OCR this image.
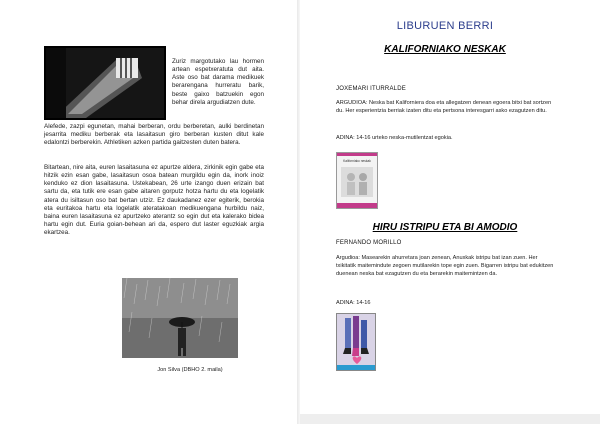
Zuriz margotutako lau hormen artean espetxeratuta dut aita. Aste oso bat darama medikuek berarengana hurreratu barik, beste gaixo batzuekin egon behar direla argudiatzen dute.
Alefede, zazpi egunetan, mahai berberan, ordu berberetan, aulki berdinetan jesarrita mediku berberak eta lasaitasun giro berberan kusten ditut kale edalontzi berberekin. Athletiken azken partida gaitzesten duten batera.
Bitartean, nire aita, euren lasaitasuna ez apurtze aldera, zirkinik egin gabe eta hitzik ezin esan gabe, lasaitasun osoa batean murgildu egin da, inork inoiz kenduko ez dion lasaitasuna. Ustekabean, 26 urte izango duen erizain bat sartu da, eta tutik ere esan gabe aitaren gorputz hotza hartu du eta logelatik atera du isiltasun oso bat bertan utziz. Ez daukadanez ezer egiterik, berokia eta euritakoa hartu eta logelatik ateratakoan medikuengana hurbildu naiz, baina euren lasaitasuna ez apurtzeko aterantz so egin dut eta kalerako bidea hartu egin dut. Euria goian-behean ari da, espero dut laster eguzkiak argia ekartzea.
Jon Silva (DBHO 2. maila)
LIBURUEN BERRI
KALIFORNIAKO NESKAK
JOXEMARI ITURRALDE
ARGUDIOA: Neska bat Kaliforniera doa eta allegatzen denean egoera bitxi bat sortzen du. Her esperientzia berriak izaten ditu eta pertsona interesgarri asko ezagutzen ditu.
ADINA: 14-16 urteko neska-mutilentzat egokia.
Kaliforniako neskak
HIRU ISTRIPU ETA BI AMODIO
FERNANDO MORILLO
Argudioa: Masearekin ahurretara joan zenean, Anuxkak istripu bat izan zuen. Her txikitatik maitemindute zegoen mutilarekin tope egin zuen. Bigarren istripu bat edukitzen duenean neska bat ezagutzen du eta berarekin maitemintzen da.
ADINA: 14-16
